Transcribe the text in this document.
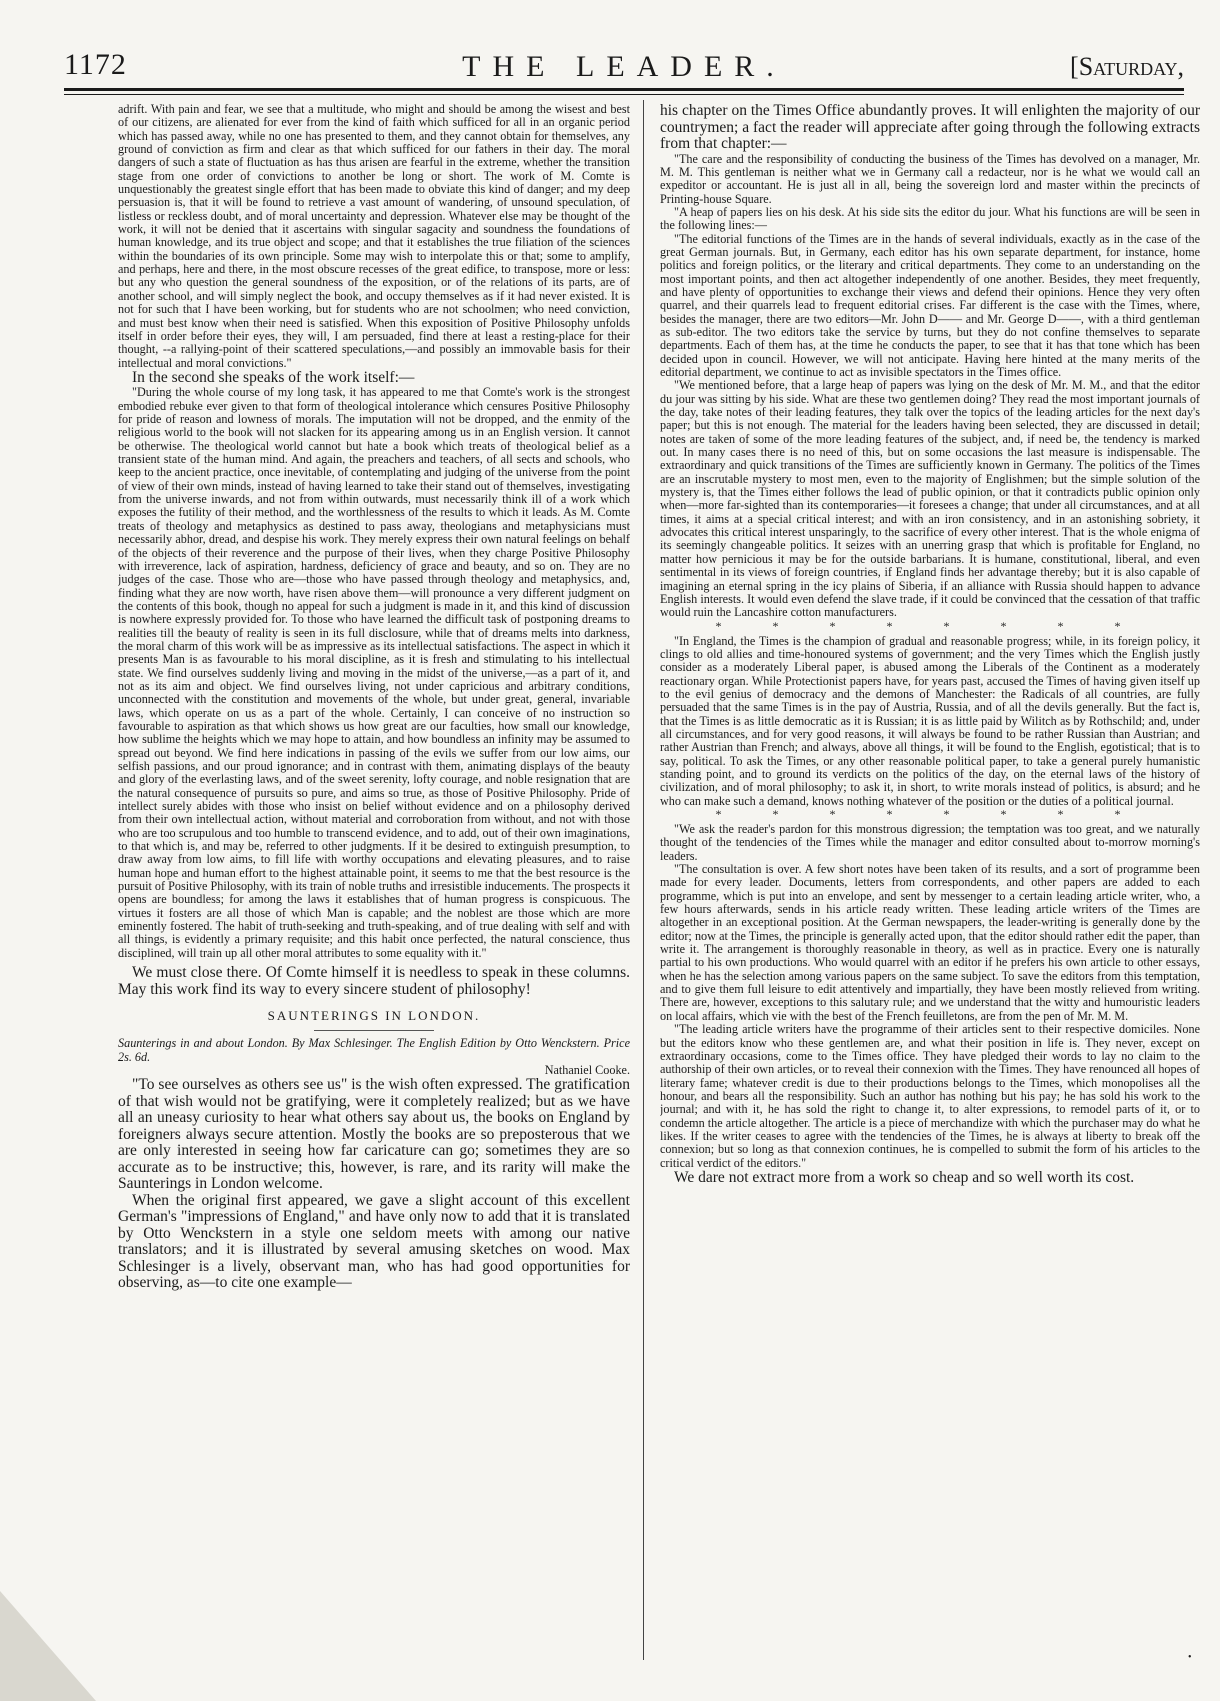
1172	THE LEADER.	[Saturday,

adrift. With pain and fear, we see that a multitude, who might and should be among the wisest and best of our citizens, are alienated for ever from the kind of faith which sufficed for all in an organic period which has passed away, while no one has presented to them, and they cannot obtain for themselves, any ground of conviction as firm and clear as that which sufficed for our fathers in their day. The moral dangers of such a state of fluctuation as has thus arisen are fearful in the extreme, whether the transition stage from one order of convictions to another be long or short. The work of M. Comte is unquestionably the greatest single effort that has been made to obviate this kind of danger; and my deep persuasion is, that it will be found to retrieve a vast amount of wandering, of unsound speculation, of listless or reckless doubt, and of moral uncertainty and depression. Whatever else may be thought of the work, it will not be denied that it ascertains with singular sagacity and soundness the foundations of human knowledge, and its true object and scope; and that it establishes the true filiation of the sciences within the boundaries of its own principle. Some may wish to interpolate this or that; some to amplify, and perhaps, here and there, in the most obscure recesses of the great edifice, to transpose, more or less: but any who question the general soundness of the exposition, or of the relations of its parts, are of another school, and will simply neglect the book, and occupy themselves as if it had never existed. It is not for such that I have been working, but for students who are not schoolmen; who need conviction, and must best know when their need is satisfied. When this exposition of Positive Philosophy unfolds itself in order before their eyes, they will, I am persuaded, find there at least a resting-place for their thought, --a rallying-point of their scattered speculations,—and possibly an immovable basis for their intellectual and moral convictions."

In the second she speaks of the work itself:—

"During the whole course of my long task, it has appeared to me that Comte's work is the strongest embodied rebuke ever given to that form of theological intolerance which censures Positive Philosophy for pride of reason and lowness of morals. The imputation will not be dropped, and the enmity of the religious world to the book will not slacken for its appearing among us in an English version. It cannot be otherwise. The theological world cannot but hate a book which treats of theological belief as a transient state of the human mind. And again, the preachers and teachers, of all sects and schools, who keep to the ancient practice, once inevitable, of contemplating and judging of the universe from the point of view of their own minds, instead of having learned to take their stand out of themselves, investigating from the universe inwards, and not from within outwards, must necessarily think ill of a work which exposes the futility of their method, and the worthlessness of the results to which it leads. As M. Comte treats of theology and metaphysics as destined to pass away, theologians and metaphysicians must necessarily abhor, dread, and despise his work. They merely express their own natural feelings on behalf of the objects of their reverence and the purpose of their lives, when they charge Positive Philosophy with irreverence, lack of aspiration, hardness, deficiency of grace and beauty, and so on. They are no judges of the case. Those who are—those who have passed through theology and metaphysics, and, finding what they are now worth, have risen above them—will pronounce a very different judgment on the contents of this book, though no appeal for such a judgment is made in it, and this kind of discussion is nowhere expressly provided for. To those who have learned the difficult task of postponing dreams to realities till the beauty of reality is seen in its full disclosure, while that of dreams melts into darkness, the moral charm of this work will be as impressive as its intellectual satisfactions. The aspect in which it presents Man is as favourable to his moral discipline, as it is fresh and stimulating to his intellectual state. We find ourselves suddenly living and moving in the midst of the universe,—as a part of it, and not as its aim and object. We find ourselves living, not under capricious and arbitrary conditions, unconnected with the constitution and movements of the whole, but under great, general, invariable laws, which operate on us as a part of the whole. Certainly, I can conceive of no instruction so favourable to aspiration as that which shows us how great are our faculties, how small our knowledge, how sublime the heights which we may hope to attain, and how boundless an infinity may be assumed to spread out beyond. We find here indications in passing of the evils we suffer from our low aims, our selfish passions, and our proud ignorance; and in contrast with them, animating displays of the beauty and glory of the everlasting laws, and of the sweet serenity, lofty courage, and noble resignation that are the natural consequence of pursuits so pure, and aims so true, as those of Positive Philosophy. Pride of intellect surely abides with those who insist on belief without evidence and on a philosophy derived from their own intellectual action, without material and corroboration from without, and not with those who are too scrupulous and too humble to transcend evidence, and to add, out of their own imaginations, to that which is, and may be, referred to other judgments. If it be desired to extinguish presumption, to draw away from low aims, to fill life with worthy occupations and elevating pleasures, and to raise human hope and human effort to the highest attainable point, it seems to me that the best resource is the pursuit of Positive Philosophy, with its train of noble truths and irresistible inducements. The prospects it opens are boundless; for among the laws it establishes that of human progress is conspicuous. The virtues it fosters are all those of which Man is capable; and the noblest are those which are more eminently fostered. The habit of truth-seeking and truth-speaking, and of true dealing with self and with all things, is evidently a primary requisite; and this habit once perfected, the natural conscience, thus disciplined, will train up all other moral attributes to some equality with it."

We must close there. Of Comte himself it is needless to speak in these columns. May this work find its way to every sincere student of philosophy!

SAUNTERINGS IN LONDON.

Saunterings in and about London. By Max Schlesinger. The English Edition by Otto Wenckstern. Price 2s. 6d.
Nathaniel Cooke.

"To see ourselves as others see us" is the wish often expressed. The gratification of that wish would not be gratifying, were it completely realized; but as we have all an uneasy curiosity to hear what others say about us, the books on England by foreigners always secure attention. Mostly the books are so preposterous that we are only interested in seeing how far caricature can go; sometimes they are so accurate as to be instructive; this, however, is rare, and its rarity will make the Saunterings in London welcome.

When the original first appeared, we gave a slight account of this excellent German's "impressions of England," and have only now to add that it is translated by Otto Wenckstern in a style one seldom meets with among our native translators; and it is illustrated by several amusing sketches on wood. Max Schlesinger is a lively, observant man, who has had good opportunities for observing, as—to cite one example—

his chapter on the Times Office abundantly proves. It will enlighten the majority of our countrymen; a fact the reader will appreciate after going through the following extracts from that chapter:—

"The care and the responsibility of conducting the business of the Times has devolved on a manager, Mr. M. M. This gentleman is neither what we in Germany call a redacteur, nor is he what we would call an expeditor or accountant. He is just all in all, being the sovereign lord and master within the precincts of Printing-house Square.

"A heap of papers lies on his desk. At his side sits the editor du jour. What his functions are will be seen in the following lines:—

"The editorial functions of the Times are in the hands of several individuals, exactly as in the case of the great German journals. But, in Germany, each editor has his own separate department, for instance, home politics and foreign politics, or the literary and critical departments. They come to an understanding on the most important points, and then act altogether independently of one another. Besides, they meet frequently, and have plenty of opportunities to exchange their views and defend their opinions. Hence they very often quarrel, and their quarrels lead to frequent editorial crises. Far different is the case with the Times, where, besides the manager, there are two editors—Mr. John D—— and Mr. George D——, with a third gentleman as sub-editor. The two editors take the service by turns, but they do not confine themselves to separate departments. Each of them has, at the time he conducts the paper, to see that it has that tone which has been decided upon in council. However, we will not anticipate. Having here hinted at the many merits of the editorial department, we continue to act as invisible spectators in the Times office.

"We mentioned before, that a large heap of papers was lying on the desk of Mr. M. M., and that the editor du jour was sitting by his side. What are these two gentlemen doing? They read the most important journals of the day, take notes of their leading features, they talk over the topics of the leading articles for the next day's paper; but this is not enough. The material for the leaders having been selected, they are discussed in detail; notes are taken of some of the more leading features of the subject, and, if need be, the tendency is marked out. In many cases there is no need of this, but on some occasions the last measure is indispensable. The extraordinary and quick transitions of the Times are sufficiently known in Germany. The politics of the Times are an inscrutable mystery to most men, even to the majority of Englishmen; but the simple solution of the mystery is, that the Times either follows the lead of public opinion, or that it contradicts public opinion only when—more far-sighted than its contemporaries—it foresees a change; that under all circumstances, and at all times, it aims at a special critical interest; and with an iron consistency, and in an astonishing sobriety, it advocates this critical interest unsparingly, to the sacrifice of every other interest. That is the whole enigma of its seemingly changeable politics. It seizes with an unerring grasp that which is profitable for England, no matter how pernicious it may be for the outside barbarians. It is humane, constitutional, liberal, and even sentimental in its views of foreign countries, if England finds her advantage thereby; but it is also capable of imagining an eternal spring in the icy plains of Siberia, if an alliance with Russia should happen to advance English interests. It would even defend the slave trade, if it could be convinced that the cessation of that traffic would ruin the Lancashire cotton manufacturers.

* * * * * * * *

"In England, the Times is the champion of gradual and reasonable progress; while, in its foreign policy, it clings to old allies and time-honoured systems of government; and the very Times which the English justly consider as a moderately Liberal paper, is abused among the Liberals of the Continent as a moderately reactionary organ. While Protectionist papers have, for years past, accused the Times of having given itself up to the evil genius of democracy and the demons of Manchester: the Radicals of all countries, are fully persuaded that the same Times is in the pay of Austria, Russia, and of all the devils generally. But the fact is, that the Times is as little democratic as it is Russian; it is as little paid by Wilitch as by Rothschild; and, under all circumstances, and for very good reasons, it will always be found to be rather Russian than Austrian; and rather Austrian than French; and always, above all things, it will be found to the English, egotistical; that is to say, political. To ask the Times, or any other reasonable political paper, to take a general purely humanistic standing point, and to ground its verdicts on the politics of the day, on the eternal laws of the history of civilization, and of moral philosophy; to ask it, in short, to write morals instead of politics, is absurd; and he who can make such a demand, knows nothing whatever of the position or the duties of a political journal.

* * * * * * * *

"We ask the reader's pardon for this monstrous digression; the temptation was too great, and we naturally thought of the tendencies of the Times while the manager and editor consulted about to-morrow morning's leaders.

"The consultation is over. A few short notes have been taken of its results, and a sort of programme been made for every leader. Documents, letters from correspondents, and other papers are added to each programme, which is put into an envelope, and sent by messenger to a certain leading article writer, who, a few hours afterwards, sends in his article ready written. These leading article writers of the Times are altogether in an exceptional position. At the German newspapers, the leader-writing is generally done by the editor; now at the Times, the principle is generally acted upon, that the editor should rather edit the paper, than write it. The arrangement is thoroughly reasonable in theory, as well as in practice. Every one is naturally partial to his own productions. Who would quarrel with an editor if he prefers his own article to other essays, when he has the selection among various papers on the same subject. To save the editors from this temptation, and to give them full leisure to edit attentively and impartially, they have been mostly relieved from writing. There are, however, exceptions to this salutary rule; and we understand that the witty and humouristic leaders on local affairs, which vie with the best of the French feuilletons, are from the pen of Mr. M. M.

"The leading article writers have the programme of their articles sent to their respective domiciles. None but the editors know who these gentlemen are, and what their position in life is. They never, except on extraordinary occasions, come to the Times office. They have pledged their words to lay no claim to the authorship of their own articles, or to reveal their connexion with the Times. They have renounced all hopes of literary fame; whatever credit is due to their productions belongs to the Times, which monopolises all the honour, and bears all the responsibility. Such an author has nothing but his pay; he has sold his work to the journal; and with it, he has sold the right to change it, to alter expressions, to remodel parts of it, or to condemn the article altogether. The article is a piece of merchandize with which the purchaser may do what he likes. If the writer ceases to agree with the tendencies of the Times, he is always at liberty to break off the connexion; but so long as that connexion continues, he is compelled to submit the form of his articles to the critical verdict of the editors."

We dare not extract more from a work so cheap and so well worth its cost.

•
